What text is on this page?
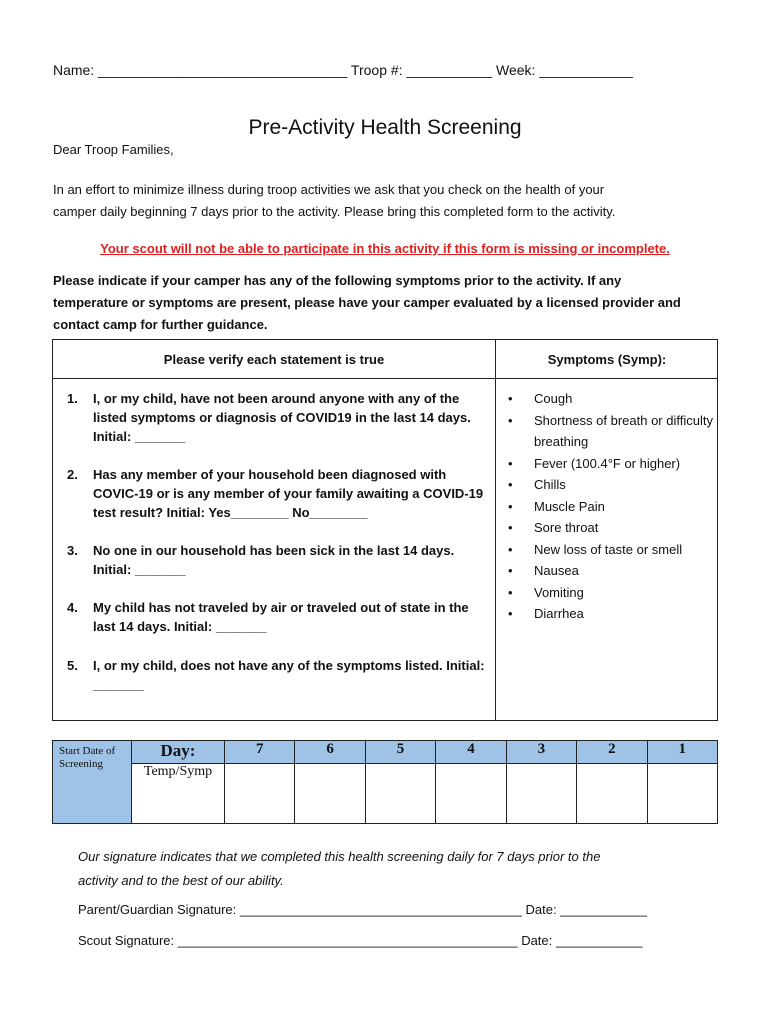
Name: ________________________________ Troop #: ___________ Week: ____________
Pre-Activity Health Screening
Dear Troop Families,
In an effort to minimize illness during troop activities we ask that you check on the health of your
camper daily beginning 7 days prior to the activity. Please bring this completed form to the activity.
Your scout will not be able to participate in this activity if this form is missing or incomplete.
Please indicate if your camper has any of the following symptoms prior to the activity. If any
temperature or symptoms are present, please have your camper evaluated by a licensed provider and
contact camp for further guidance.
Please verify each statement is true	Symptoms (Symp):
1. I, or my child, have not been around anyone with any of the listed symptoms or diagnosis of COVID19 in the last 14 days. Initial: _______
2. Has any member of your household been diagnosed with COVIC-19 or is any member of your family awaiting a COVID-19 test result? Initial: Yes________ No________
3. No one in our household has been sick in the last 14 days. Initial: _______
4. My child has not traveled by air or traveled out of state in the last 14 days. Initial: _______
5. I, or my child, does not have any of the symptoms listed. Initial: _______
• Cough
• Shortness of breath or difficulty breathing
• Fever (100.4°F or higher)
• Chills
• Muscle Pain
• Sore throat
• New loss of taste or smell
• Nausea
• Vomiting
• Diarrhea
Start Date of Screening	Day:	7	6	5	4	3	2	1
	Temp/Symp							
Our signature indicates that we completed this health screening daily for 7 days prior to the
activity and to the best of our ability.
Parent/Guardian Signature: _______________________________________ Date: ____________
Scout Signature: _______________________________________________ Date: ____________
